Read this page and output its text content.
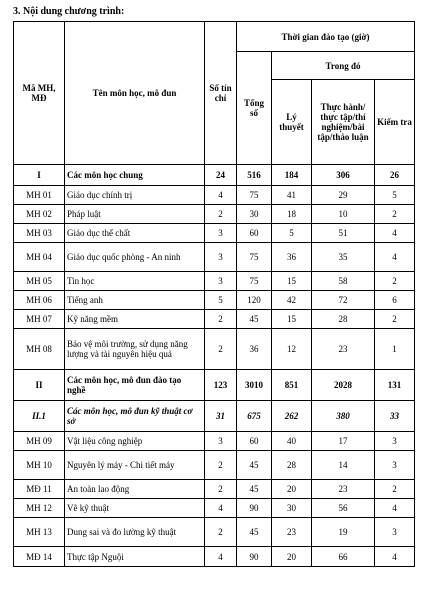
3. Nội dung chương trình:
Mã MH, MĐ	Tên môn học, mô đun	Số tín chỉ	Thời gian đào tạo (giờ)			
			Tổng số	Trong đó		
				Lý thuyết	Thực hành/ thực tập/thí nghiệm/bài tập/thảo luận	Kiểm tra
I	Các môn học chung	24	516	184	306	26
MH 01	Giáo dục chính trị	4	75	41	29	5
MH 02	Pháp luật	2	30	18	10	2
MH 03	Giáo dục thể chất	3	60	5	51	4
MH 04	Giáo dục quốc phòng - An ninh	3	75	36	35	4
MH 05	Tin học	3	75	15	58	2
MH 06	Tiếng anh	5	120	42	72	6
MH 07	Kỹ năng mềm	2	45	15	28	2
MH 08	Bảo vệ môi trường, sử dụng năng lượng và tài nguyên hiệu quả	2	36	12	23	1
II	Các môn học, mô đun đào tạo nghề	123	3010	851	2028	131
II.1	Các môn học, mô đun kỹ thuật cơ sở	31	675	262	380	33
MH 09	Vật liệu công nghiệp	3	60	40	17	3
MH 10	Nguyên lý máy - Chi tiết máy	2	45	28	14	3
MĐ 11	An toàn lao động	2	45	20	23	2
MH 12	Vẽ kỹ thuật	4	90	30	56	4
MH 13	Dung sai và đo lường kỹ thuật	2	45	23	19	3
MĐ 14	Thực tập Nguội	4	90	20	66	4
